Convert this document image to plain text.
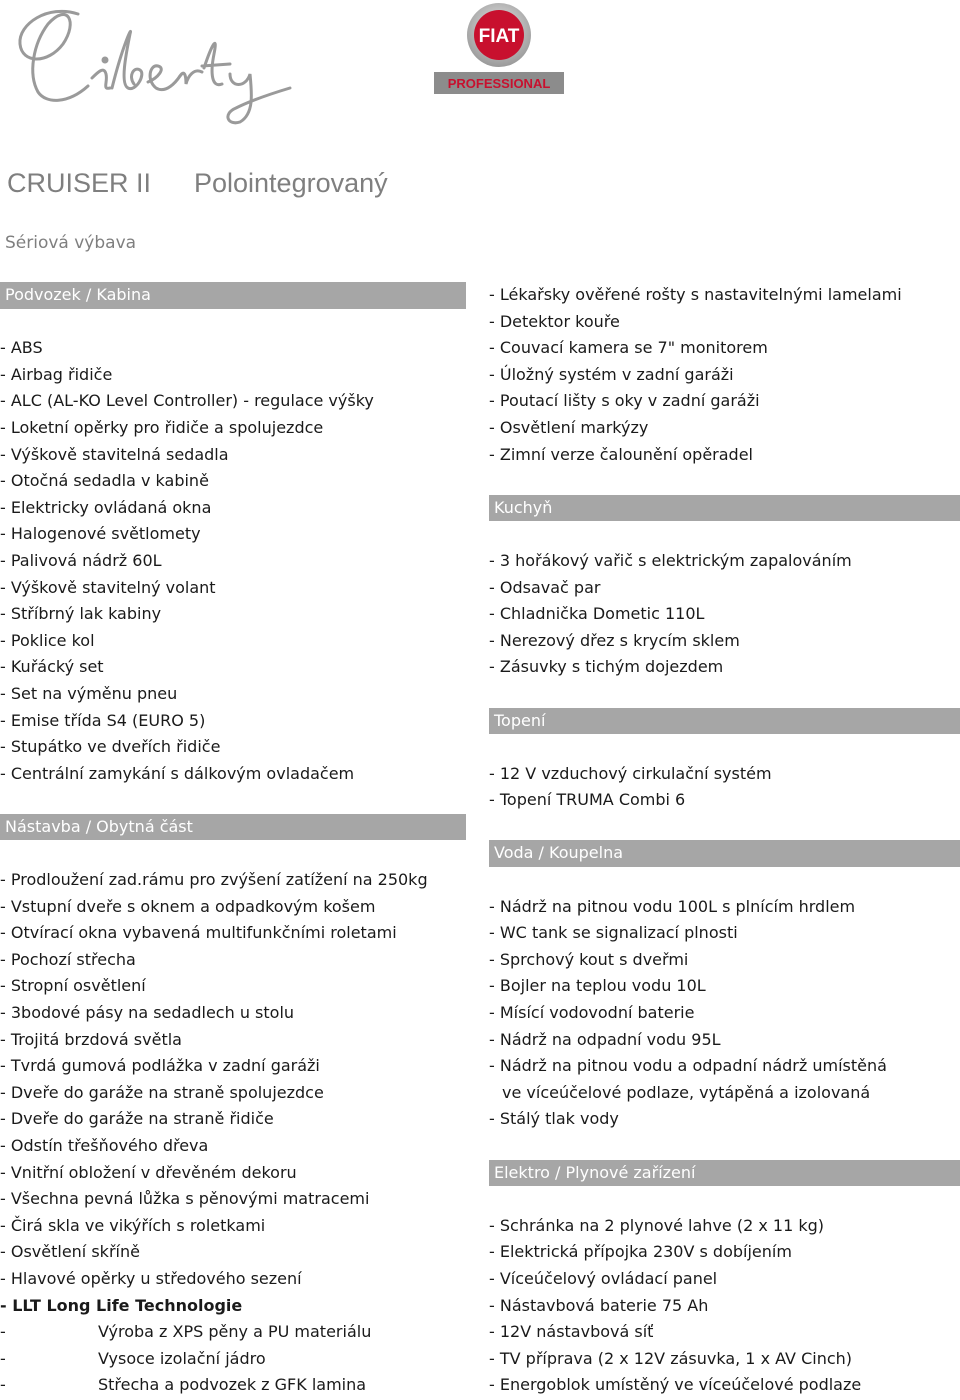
FIAT
PROFESSIONAL
CRUISER II Polointegrovaný
Sériová výbava
Podvozek / Kabina
- ABS
- Airbag řidiče
- ALC (AL-KO Level Controller) - regulace výšky
- Loketní opěrky pro řidiče a spolujezdce
- Výškově stavitelná sedadla
- Otočná sedadla v kabině
- Elektricky ovládaná okna
- Halogenové světlomety
- Palivová nádrž 60L
- Výškově stavitelný volant
- Stříbrný lak kabiny
- Poklice kol
- Kuřácký set
- Set na výměnu pneu
- Emise třída S4 (EURO 5)
- Stupátko ve dveřích řidiče
- Centrální zamykání s dálkovým ovladačem
Nástavba / Obytná část
- Prodloužení zad.rámu pro zvýšení zatížení na 250kg
- Vstupní dveře s oknem a odpadkovým košem
- Otvírací okna vybavená multifunkčními roletami
- Pochozí střecha
- Stropní osvětlení
- 3bodové pásy na sedadlech u stolu
- Trojitá brzdová světla
- Tvrdá gumová podlážka v zadní garáži
- Dveře do garáže na straně spolujezdce
- Dveře do garáže na straně řidiče
- Odstín třešňového dřeva
- Vnitřní obložení v dřevěném dekoru
- Všechna pevná lůžka s pěnovými matracemi
- Čirá skla ve vikýřích s roletkami
- Osvětlení skříně
- Hlavové opěrky u středového sezení
- LLT Long Life Technologie
-	Výroba z XPS pěny a PU materiálu
-	Vysoce izolační jádro
-	Střecha a podvozek z GFK lamina
- Lékařsky ověřené rošty s nastavitelnými lamelami
- Detektor kouře
- Couvací kamera se 7" monitorem
- Úložný systém v zadní garáži
- Poutací lišty s oky v zadní garáži
- Osvětlení markýzy
- Zimní verze čalounění opěradel
Kuchyň
- 3 hořákový vařič s elektrickým zapalováním
- Odsavač par
- Chladnička Dometic 110L
- Nerezový dřez s krycím sklem
- Zásuvky s tichým dojezdem
Topení
- 12 V vzduchový cirkulační systém
- Topení TRUMA Combi 6
Voda / Koupelna
- Nádrž na pitnou vodu 100L s plnícím hrdlem
- WC tank se signalizací plnosti
- Sprchový kout s dveřmi
- Bojler na teplou vodu 10L
- Mísící vodovodní baterie
- Nádrž na odpadní vodu 95L
- Nádrž na pitnou vodu a odpadní nádrž umístěná
ve víceúčelové podlaze, vytápěná a izolovaná
- Stálý tlak vody
Elektro / Plynové zařízení
- Schránka na 2 plynové lahve (2 x 11 kg)
- Elektrická přípojka 230V s dobíjením
- Víceúčelový ovládací panel
- Nástavbová baterie 75 Ah
- 12V nástavbová síť
- TV příprava (2 x 12V zásuvka, 1 x AV Cinch)
- Energoblok umístěný ve víceúčelové podlaze
